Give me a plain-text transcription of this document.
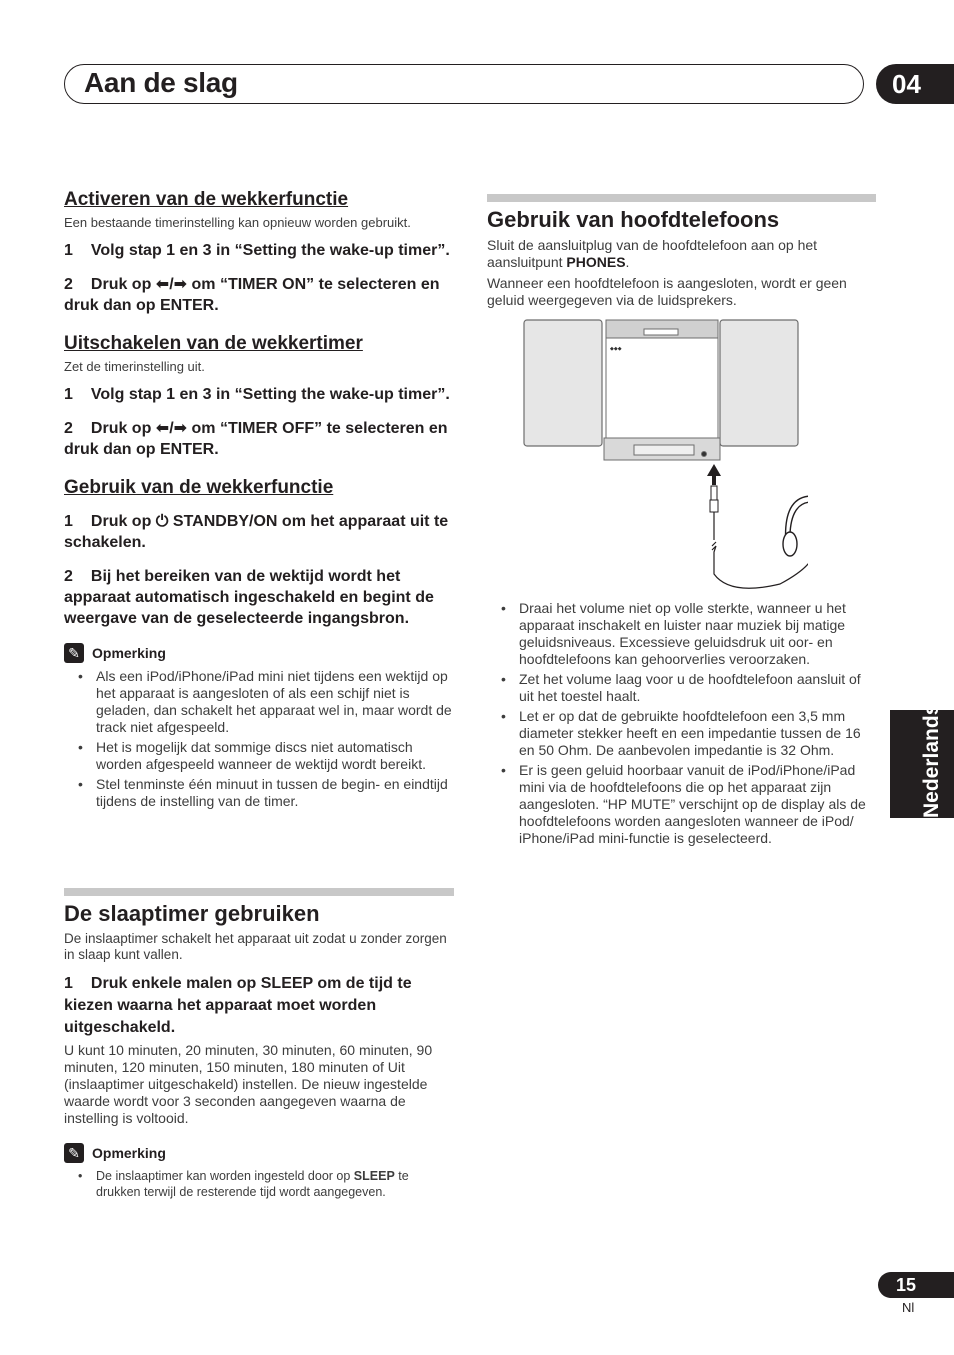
Aan de slag	04

Activeren van de wekkerfunctie

Een bestaande timerinstelling kan opnieuw worden gebruikt.

1 Volg stap 1 en 3 in “Setting the wake-up timer”.

2 Druk op ⬅/➡ om “TIMER ON” te selecteren en druk dan op ENTER.

Uitschakelen van de wekkertimer

Zet de timerinstelling uit.

1 Volg stap 1 en 3 in “Setting the wake-up timer”.

2 Druk op ⬅/➡ om “TIMER OFF” te selecteren en druk dan op ENTER.

Gebruik van de wekkerfunctie

1 Druk op ⏻ STANDBY/ON om het apparaat uit te schakelen.

2 Bij het bereiken van de wektijd wordt het apparaat automatisch ingeschakeld en begint de weergave van de geselecteerde ingangsbron.

✎ Opmerking
• Als een iPod/iPhone/iPad mini niet tijdens een wektijd op het apparaat is aangesloten of als een schijf niet is geladen, dan schakelt het apparaat wel in, maar wordt de track niet afgespeeld.
• Het is mogelijk dat sommige discs niet automatisch worden afgespeeld wanneer de wektijd wordt bereikt.
• Stel tenminste één minuut in tussen de begin- en eindtijd tijdens de instelling van de timer.

De slaaptimer gebruiken

De inslaaptimer schakelt het apparaat uit zodat u zonder zorgen in slaap kunt vallen.

1 Druk enkele malen op SLEEP om de tijd te kiezen waarna het apparaat moet worden uitgeschakeld.

U kunt 10 minuten, 20 minuten, 30 minuten, 60 minuten, 90 minuten, 120 minuten, 150 minuten, 180 minuten of Uit (inslaaptimer uitgeschakeld) instellen. De nieuw ingestelde waarde wordt voor 3 seconden aangegeven waarna de instelling is voltooid.

✎ Opmerking
• De inslaaptimer kan worden ingesteld door op SLEEP te drukken terwijl de resterende tijd wordt aangegeven.

Gebruik van hoofdtelefoons

Sluit de aansluitplug van de hoofdtelefoon aan op het aansluitpunt PHONES.

Wanneer een hoofdtelefoon is aangesloten, wordt er geen geluid weergegeven via de luidsprekers.

◆◆◆
• Draai het volume niet op volle sterkte, wanneer u het apparaat inschakelt en luister naar muziek bij matige geluidsniveaus. Excessieve geluidsdruk uit oor- en hoofdtelefoons kan gehoorverlies veroorzaken.
• Zet het volume laag voor u de hoofdtelefoon aansluit of uit het toestel haalt.
• Let er op dat de gebruikte hoofdtelefoon een 3,5 mm diameter stekker heeft en een impedantie tussen de 16 en 50 Ohm. De aanbevolen impedantie is 32 Ohm.
• Er is geen geluid hoorbaar vanuit de iPod/iPhone/iPad mini via de hoofdtelefoons die op het apparaat zijn aangesloten. “HP MUTE” verschijnt op de display als de hoofdtelefoons worden aangesloten wanneer de iPod/ iPhone/iPad mini-functie is geselecteerd.
Nederlands
15
Nl
